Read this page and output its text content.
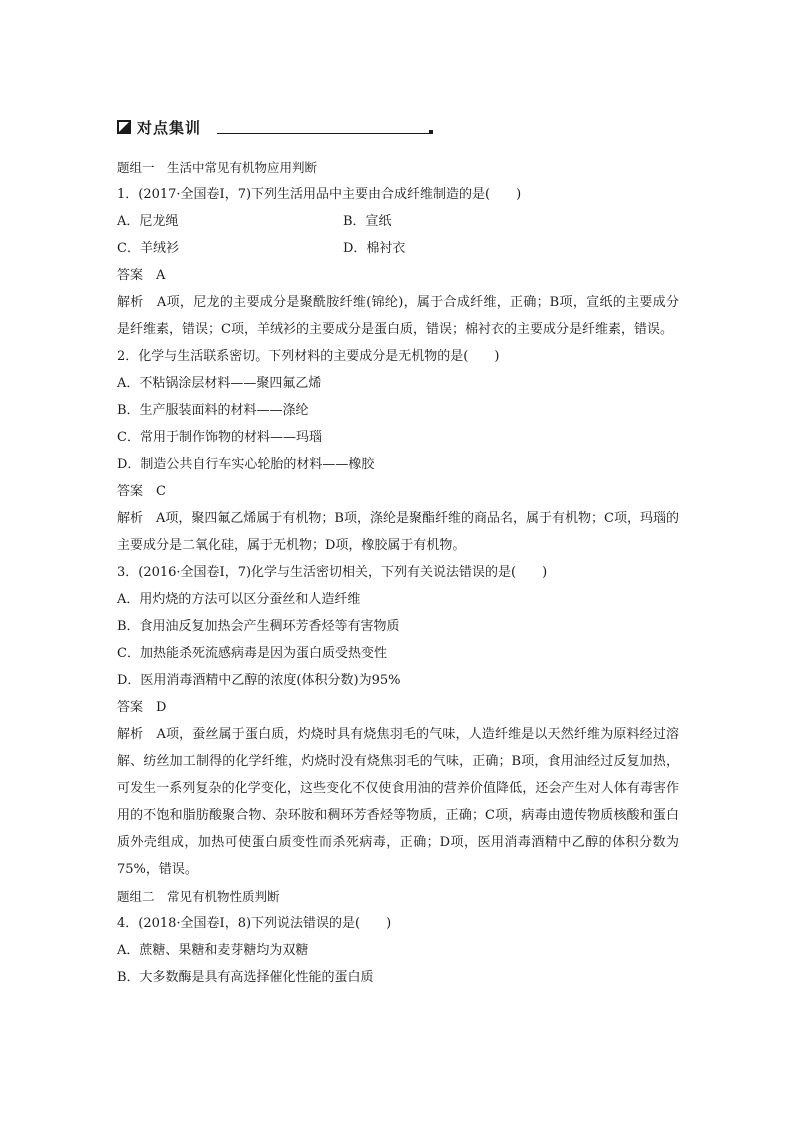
对点集训
题组一　生活中常见有机物应用判断
1．(2017·全国卷Ⅰ，7)下列生活用品中主要由合成纤维制造的是(　　)
A．尼龙绳	B．宣纸
C．羊绒衫	D．棉衬衣
答案　A
解析　A项，尼龙的主要成分是聚酰胺纤维(锦纶)，属于合成纤维，正确；B项，宣纸的主要成分是纤维素，错误；C项，羊绒衫的主要成分是蛋白质，错误；棉衬衣的主要成分是纤维素，错误。
2．化学与生活联系密切。下列材料的主要成分是无机物的是(　　)
A．不粘锅涂层材料——聚四氟乙烯
B．生产服装面料的材料——涤纶
C．常用于制作饰物的材料——玛瑙
D．制造公共自行车实心轮胎的材料——橡胶
答案　C
解析　A项，聚四氟乙烯属于有机物；B项，涤纶是聚酯纤维的商品名，属于有机物；C项，玛瑙的主要成分是二氧化硅，属于无机物；D项，橡胶属于有机物。
3．(2016·全国卷Ⅰ，7)化学与生活密切相关，下列有关说法错误的是(　　)
A．用灼烧的方法可以区分蚕丝和人造纤维
B．食用油反复加热会产生稠环芳香烃等有害物质
C．加热能杀死流感病毒是因为蛋白质受热变性
D．医用消毒酒精中乙醇的浓度(体积分数)为95%
答案　D
解析　A项，蚕丝属于蛋白质，灼烧时具有烧焦羽毛的气味，人造纤维是以天然纤维为原料经过溶解、纺丝加工制得的化学纤维，灼烧时没有烧焦羽毛的气味，正确；B项，食用油经过反复加热，可发生一系列复杂的化学变化，这些变化不仅使食用油的营养价值降低，还会产生对人体有毒害作用的不饱和脂肪酸聚合物、杂环胺和稠环芳香烃等物质，正确；C项，病毒由遗传物质核酸和蛋白质外壳组成，加热可使蛋白质变性而杀死病毒，正确；D项，医用消毒酒精中乙醇的体积分数为75%，错误。
题组二　常见有机物性质判断
4．(2018·全国卷Ⅰ，8)下列说法错误的是(　　)
A．蔗糖、果糖和麦芽糖均为双糖
B．大多数酶是具有高选择催化性能的蛋白质
